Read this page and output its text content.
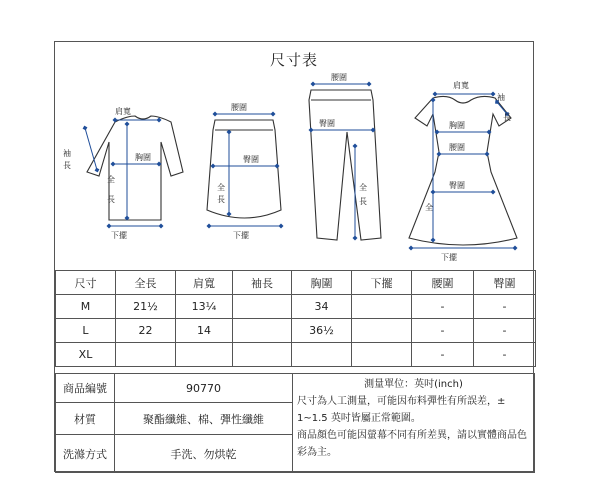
尺寸表
肩寬
袖
長
胸圍
全
長
下擺
腰圍
臀圍
全
長
下擺
腰圍
臀圍
全
長
肩寬
袖
長
胸圍
腰圍
臀圍
全
下擺
尺寸	全長	肩寬	袖長	胸圍	下擺	腰圍	臀圍
M	21½	13¼		34		-	-
L	22	14		36½		-	-
XL						-	-
商品編號	90770
材質	聚酯纖維、棉、彈性纖維
洗滌方式	手洗、勿烘乾
測量單位：英吋(inch)
尺寸為人工測量，可能因布料彈性有所誤差，±
1~1.5 英吋皆屬正常範圍。
商品顏色可能因螢幕不同有所差異，請以實體商品色
彩為主。
